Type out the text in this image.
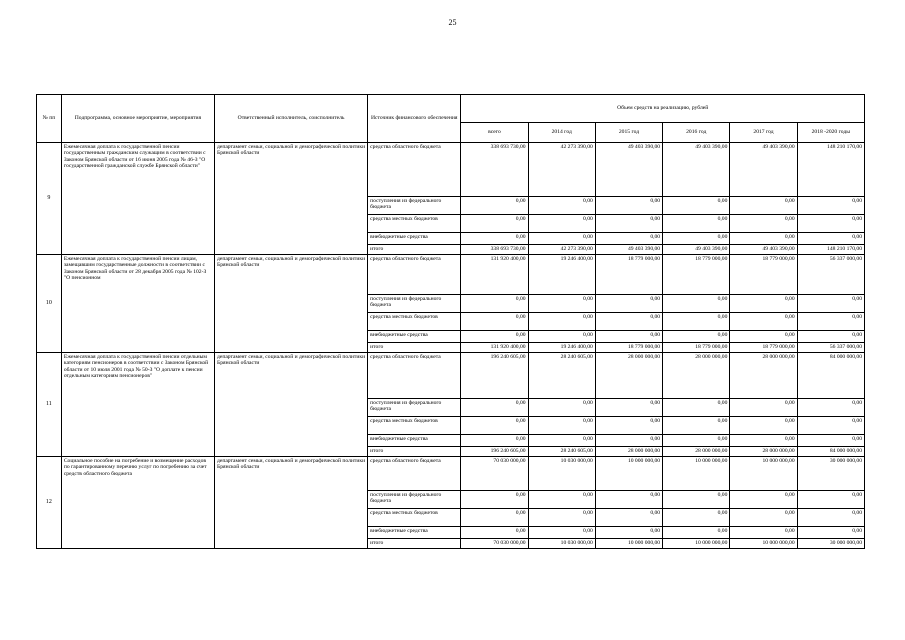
25
№ пп	Подпрограмма, основное мероприятие, мероприятия	Ответственный исполнитель, соисполнитель	Источник финансового обеспечения	Объем средств на реализацию, рублей					
				всего	2014 год	2015 год	2016 год	2017 год	2018 -2020 годы
9	Ежемесячная доплата к государственной пенсии государственным гражданским служащим в соответствии с Законом Брянской области от 16 июня 2005 года № 46-З "О государственной гражданской службе Брянской области"	департамент семьи, социальной и демографической политики Брянской области	средства областного бюджета	338 693 730,00	42 273 390,00	49 403 390,00	49 403 390,00	49 403 390,00	148 210 170,00
			поступления из федерального бюджета	0,00	0,00	0,00	0,00	0,00	0,00
			средства местных бюджетов	0,00	0,00	0,00	0,00	0,00	0,00
			внебюджетные средства	0,00	0,00	0,00	0,00	0,00	0,00
			итого	338 693 730,00	42 273 390,00	49 403 390,00	49 403 390,00	49 403 390,00	148 210 170,00
10	Ежемесячная доплата к государственной пенсии лицам, замещавшим государственные должности в соответствии с Законом Брянской области от 28 декабря 2005 года № 102-З "О пенсионном	департамент семьи, социальной и демографической политики Брянской области	средства областного бюджета	131 920 400,00	19 246 400,00	18 779 000,00	18 779 000,00	18 779 000,00	56 337 000,00
			поступления из федерального бюджета	0,00	0,00	0,00	0,00	0,00	0,00
			средства местных бюджетов	0,00	0,00	0,00	0,00	0,00	0,00
			внебюджетные средства	0,00	0,00	0,00	0,00	0,00	0,00
			итого	131 920 400,00	19 246 400,00	18 779 000,00	18 779 000,00	18 779 000,00	56 337 000,00
11	Ежемесячная доплата к государственной пенсии отдельным категориям пенсионеров в соответствии с Законом Брянской области от 10 июля 2001 года № 50-З "О доплате к пенсии отдельным категориям пенсионеров"	департамент семьи, социальной и демографической политики Брянской области	средства областного бюджета	196 240 605,00	28 240 605,00	28 000 000,00	28 000 000,00	28 000 000,00	84 000 000,00
			поступления из федерального бюджета	0,00	0,00	0,00	0,00	0,00	0,00
			средства местных бюджетов	0,00	0,00	0,00	0,00	0,00	0,00
			внебюджетные средства	0,00	0,00	0,00	0,00	0,00	0,00
			итого	196 240 605,00	28 240 605,00	28 000 000,00	28 000 000,00	28 000 000,00	84 000 000,00
12	Социальное пособие на погребение и возмещение расходов по гарантированному перечню услуг по погребению за счет средств областного бюджета	департамент семьи, социальной и демографической политики Брянской области	средства областного бюджета	70 030 000,00	10 030 000,00	10 000 000,00	10 000 000,00	10 000 000,00	30 000 000,00
			поступления из федерального бюджета	0,00	0,00	0,00	0,00	0,00	0,00
			средства местных бюджетов	0,00	0,00	0,00	0,00	0,00	0,00
			внебюджетные средства	0,00	0,00	0,00	0,00	0,00	0,00
			итого	70 030 000,00	10 030 000,00	10 000 000,00	10 000 000,00	10 000 000,00	30 000 000,00
